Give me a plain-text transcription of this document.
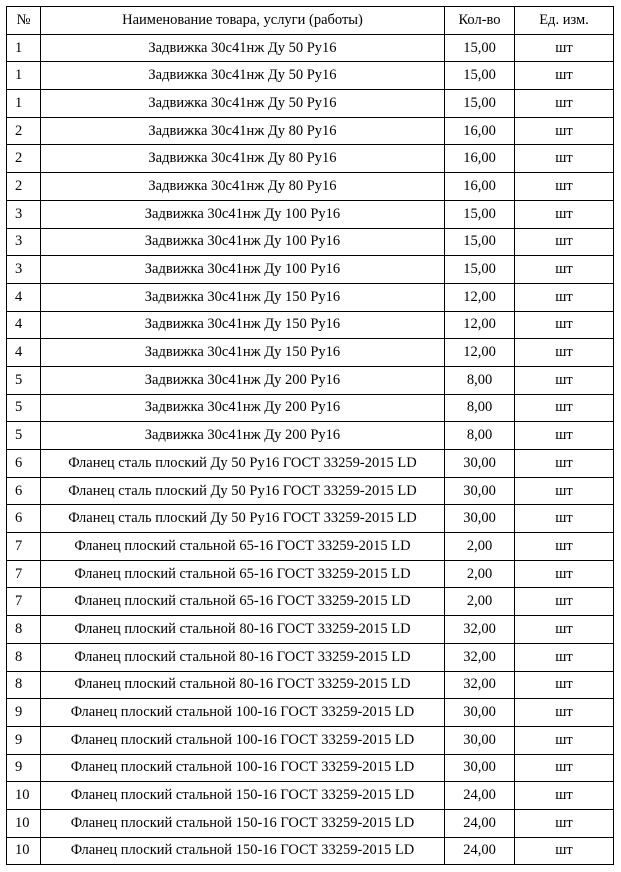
№	Наименование товара, услуги (работы)	Кол-во	Ед. изм.
1	Задвижка 30с41нж Ду 50 Ру16	15,00	шт
1	Задвижка 30с41нж Ду 50 Ру16	15,00	шт
1	Задвижка 30с41нж Ду 50 Ру16	15,00	шт
2	Задвижка 30с41нж Ду 80 Ру16	16,00	шт
2	Задвижка 30с41нж Ду 80 Ру16	16,00	шт
2	Задвижка 30с41нж Ду 80 Ру16	16,00	шт
3	Задвижка 30с41нж Ду 100 Ру16	15,00	шт
3	Задвижка 30с41нж Ду 100 Ру16	15,00	шт
3	Задвижка 30с41нж Ду 100 Ру16	15,00	шт
4	Задвижка 30с41нж Ду 150 Ру16	12,00	шт
4	Задвижка 30с41нж Ду 150 Ру16	12,00	шт
4	Задвижка 30с41нж Ду 150 Ру16	12,00	шт
5	Задвижка 30с41нж Ду 200 Ру16	8,00	шт
5	Задвижка 30с41нж Ду 200 Ру16	8,00	шт
5	Задвижка 30с41нж Ду 200 Ру16	8,00	шт
6	Фланец сталь плоский Ду 50 Ру16 ГОСТ 33259-2015 LD	30,00	шт
6	Фланец сталь плоский Ду 50 Ру16 ГОСТ 33259-2015 LD	30,00	шт
6	Фланец сталь плоский Ду 50 Ру16 ГОСТ 33259-2015 LD	30,00	шт
7	Фланец плоский стальной 65-16 ГОСТ 33259-2015 LD	2,00	шт
7	Фланец плоский стальной 65-16 ГОСТ 33259-2015 LD	2,00	шт
7	Фланец плоский стальной 65-16 ГОСТ 33259-2015 LD	2,00	шт
8	Фланец плоский стальной 80-16 ГОСТ 33259-2015 LD	32,00	шт
8	Фланец плоский стальной 80-16 ГОСТ 33259-2015 LD	32,00	шт
8	Фланец плоский стальной 80-16 ГОСТ 33259-2015 LD	32,00	шт
9	Фланец плоский стальной 100-16 ГОСТ 33259-2015 LD	30,00	шт
9	Фланец плоский стальной 100-16 ГОСТ 33259-2015 LD	30,00	шт
9	Фланец плоский стальной 100-16 ГОСТ 33259-2015 LD	30,00	шт
10	Фланец плоский стальной 150-16 ГОСТ 33259-2015 LD	24,00	шт
10	Фланец плоский стальной 150-16 ГОСТ 33259-2015 LD	24,00	шт
10	Фланец плоский стальной 150-16 ГОСТ 33259-2015 LD	24,00	шт
